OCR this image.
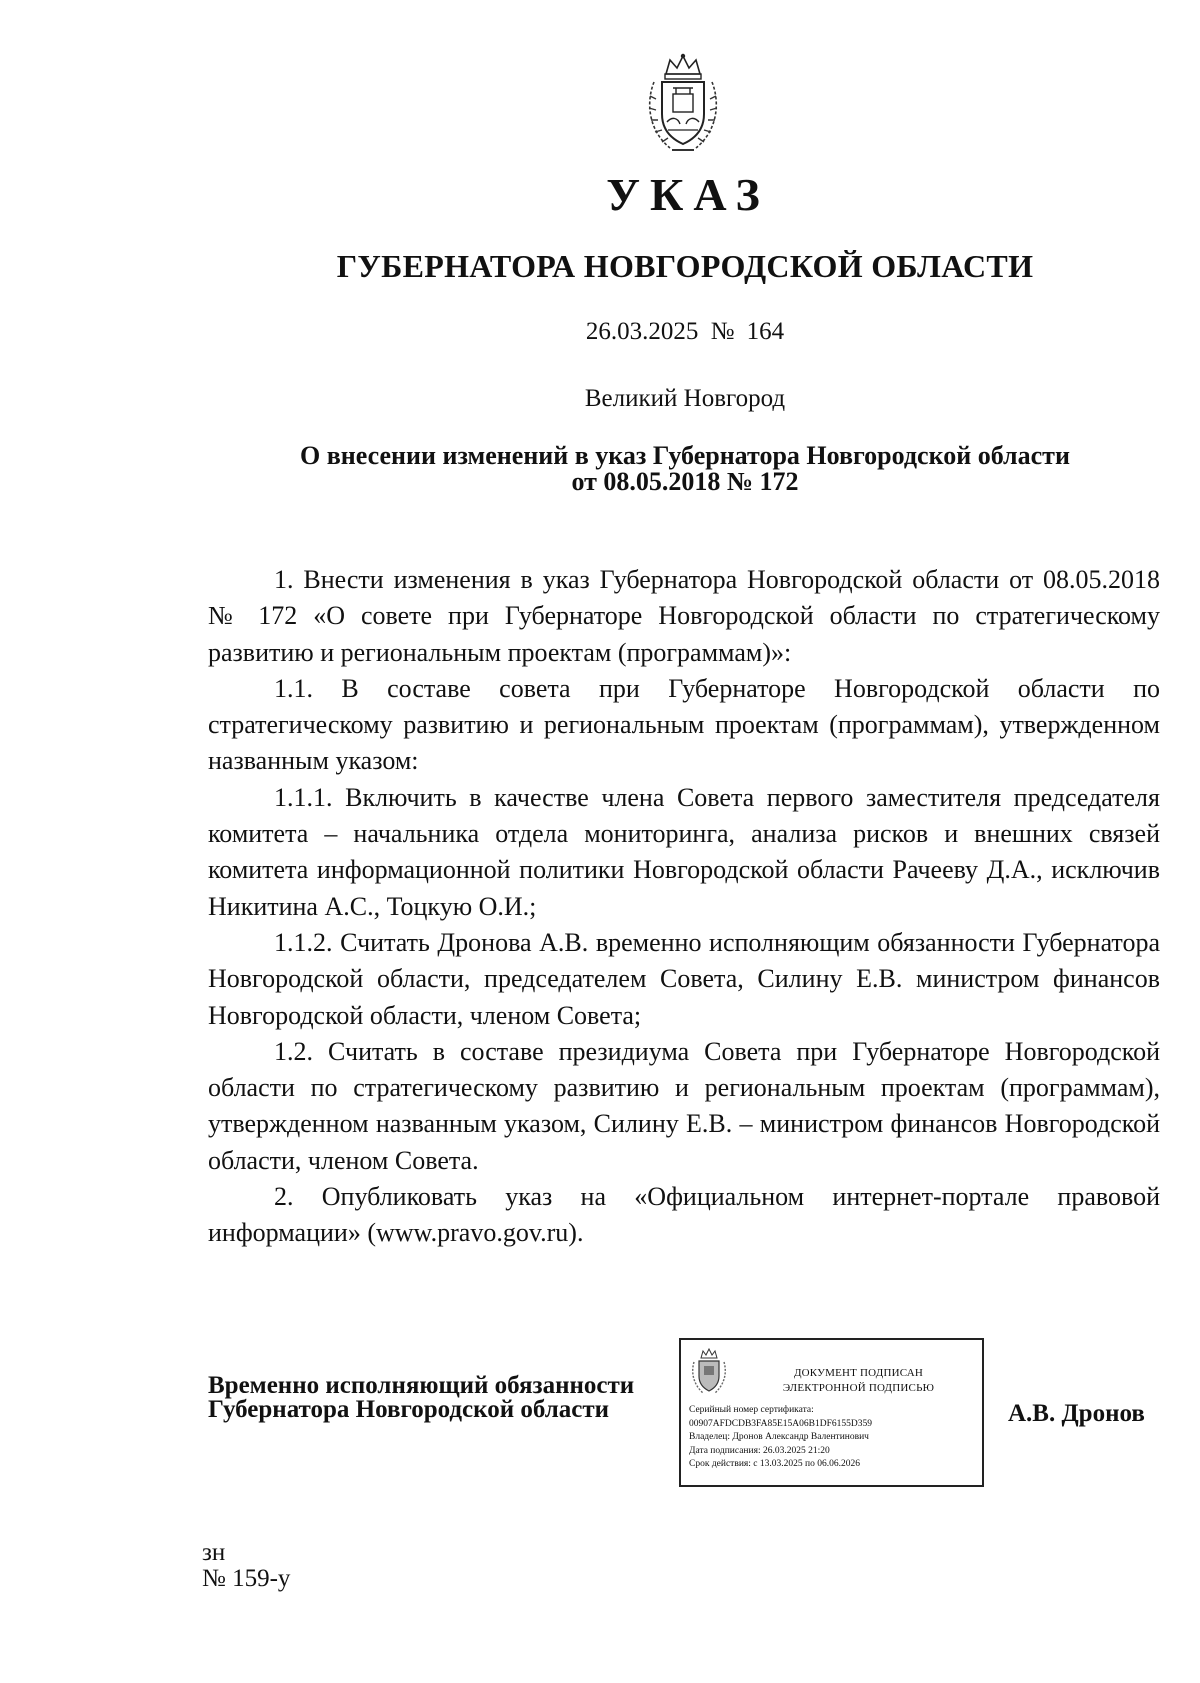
УКАЗ
ГУБЕРНАТОРА НОВГОРОДСКОЙ ОБЛАСТИ
26.03.2025 № 164
Великий Новгород
О внесении изменений в указ Губернатора Новгородской области
от 08.05.2018 № 172

1. Внести изменения в указ Губернатора Новгородской области от 08.05.2018 № 172 «О совете при Губернаторе Новгородской области по стратегическому развитию и региональным проектам (программам)»:

1.1. В составе совета при Губернаторе Новгородской области по стратегическому развитию и региональным проектам (программам), утвержденном названным указом:

1.1.1. Включить в качестве члена Совета первого заместителя председателя комитета – начальника отдела мониторинга, анализа рисков и внешних связей комитета информационной политики Новгородской области Рачееву Д.А., исключив Никитина А.С., Тоцкую О.И.;

1.1.2. Считать Дронова А.В. временно исполняющим обязанности Губернатора Новгородской области, председателем Совета, Силину Е.В. министром финансов Новгородской области, членом Совета;

1.2. Считать в составе президиума Совета при Губернаторе Новгородской области по стратегическому развитию и региональным проектам (программам), утвержденном названным указом, Силину Е.В. – министром финансов Новгородской области, членом Совета.

2. Опубликовать указ на «Официальном интернет-портале правовой информации» (www.pravo.gov.ru).

Временно исполняющий обязанности
Губернатора Новгородской области
ДОКУМЕНТ ПОДПИСАН
ЭЛЕКТРОННОЙ ПОДПИСЬЮ
Серийный номер сертификата:
00907AFDCDB3FA85E15A06B1DF6155D359
Владелец: Дронов Александр Валентинович
Дата подписания: 26.03.2025 21:20
Срок действия: с 13.03.2025 по 06.06.2026
А.В. Дронов
зн
№ 159-у
